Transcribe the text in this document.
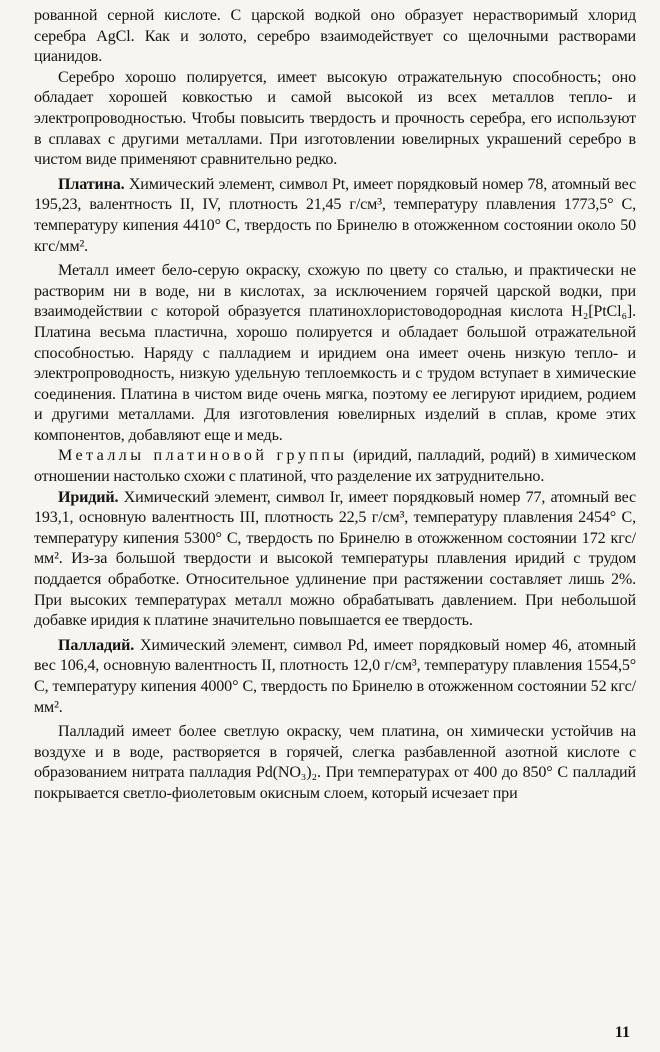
рованной серной кислоте. С царской водкой оно образует нерастворимый хлорид серебра AgCl. Как и золото, серебро взаимодействует со щелочными растворами цианидов.

Серебро хорошо полируется, имеет высокую отражательную способность; оно обладает хорошей ковкостью и самой высокой из всех металлов тепло- и электропроводностью. Чтобы повысить твердость и прочность серебра, его используют в сплавах с другими металлами. При изготовлении ювелирных украшений серебро в чистом виде применяют сравнительно редко.

Платина. Химический элемент, символ Pt, имеет порядковый номер 78, атомный вес 195,23, валентность II, IV, плотность 21,45 г/см³, температуру плавления 1773,5° С, температуру кипения 4410° С, твердость по Бринелю в отожженном состоянии около 50 кгс/мм².

Металл имеет бело-серую окраску, схожую по цвету со сталью, и практически не растворим ни в воде, ни в кислотах, за исключением горячей царской водки, при взаимодействии с которой образуется платинохлористоводородная кислота H₂[PtCl₆]. Платина весьма пластична, хорошо полируется и обладает большой отражательной способностью. Наряду с палладием и иридием она имеет очень низкую тепло- и электропроводность, низкую удельную теплоемкость и с трудом вступает в химические соединения. Платина в чистом виде очень мягка, поэтому ее легируют иридием, родием и другими металлами. Для изготовления ювелирных изделий в сплав, кроме этих компонентов, добавляют еще и медь.

Металлы платиновой группы (иридий, палладий, родий) в химическом отношении настолько схожи с платиной, что разделение их затруднительно.

Иридий. Химический элемент, символ Ir, имеет порядковый номер 77, атомный вес 193,1, основную валентность III, плотность 22,5 г/см³, температуру плавления 2454° С, температуру кипения 5300° С, твердость по Бринелю в отожженном состоянии 172 кгс/мм². Из-за большой твердости и высокой температуры плавления иридий с трудом поддается обработке. Относительное удлинение при растяжении составляет лишь 2%. При высоких температурах металл можно обрабатывать давлением. При небольшой добавке иридия к платине значительно повышается ее твердость.

Палладий. Химический элемент, символ Pd, имеет порядковый номер 46, атомный вес 106,4, основную валентность II, плотность 12,0 г/см³, температуру плавления 1554,5° С, температуру кипения 4000° С, твердость по Бринелю в отожженном состоянии 52 кгс/мм².

Палладий имеет более светлую окраску, чем платина, он химически устойчив на воздухе и в воде, растворяется в горячей, слегка разбавленной азотной кислоте с образованием нитрата палладия Pd(NO₃)₂. При температурах от 400 до 850° С палладий покрывается светло-фиолетовым окисным слоем, который исчезает при

11
